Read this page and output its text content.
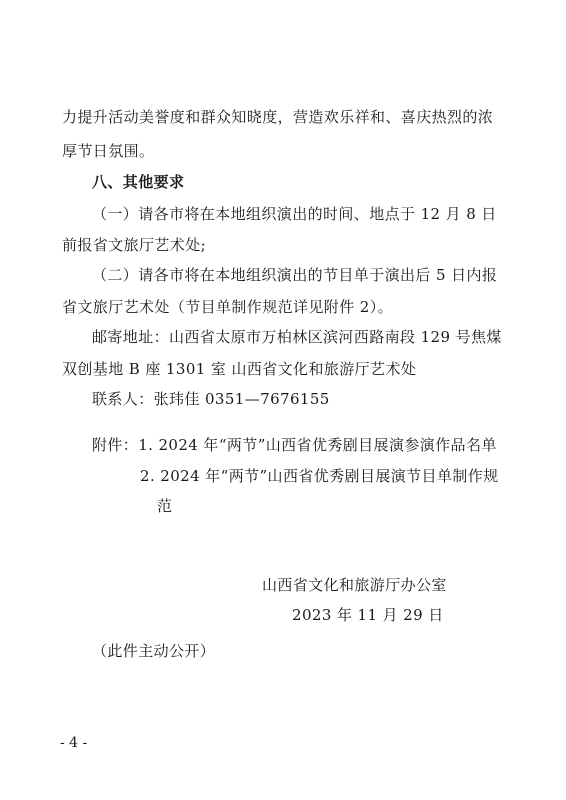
力提升活动美誉度和群众知晓度，营造欢乐祥和、喜庆热烈的浓
厚节日氛围。
八、其他要求
（一）请各市将在本地组织演出的时间、地点于 12 月 8 日
前报省文旅厅艺术处;
（二）请各市将在本地组织演出的节目单于演出后 5 日内报
省文旅厅艺术处（节目单制作规范详见附件 2）。
邮寄地址：山西省太原市万柏林区滨河西路南段 129 号焦煤
双创基地 B 座 1301 室 山西省文化和旅游厅艺术处
联系人：张玮佳 0351—7676155
附件：1. 2024 年“两节”山西省优秀剧目展演参演作品名单
2. 2024 年“两节”山西省优秀剧目展演节目单制作规
范
山西省文化和旅游厅办公室
2023 年 11 月 29 日
（此件主动公开）
- 4 -
